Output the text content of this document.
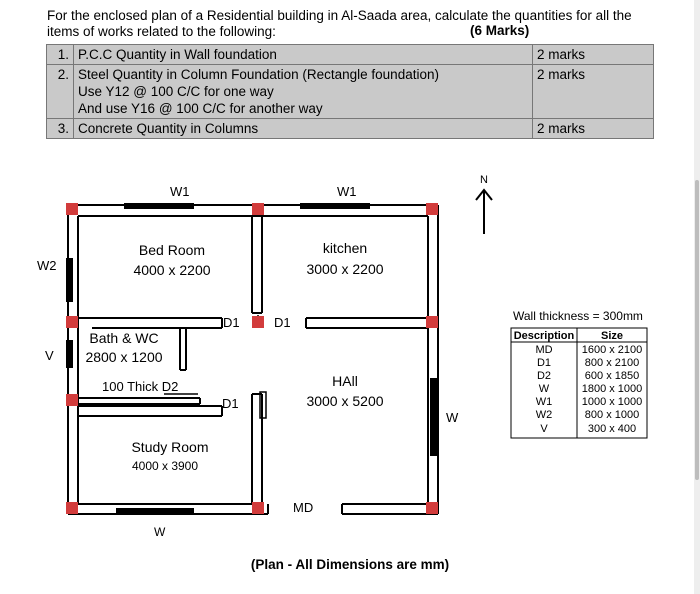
For the enclosed plan of a Residential building in Al-Saada area, calculate the quantities for all the
items of works related to the following:	(6 Marks)
1.	P.C.C Quantity in Wall foundation	2 marks
2.	Steel Quantity in Column Foundation (Rectangle foundation)
Use Y12 @ 100 C/C for one way
And use Y16 @ 100 C/C for another way	2 marks
3.	Concrete Quantity in Columns	2 marks
Bed Room
4000 x 2200
kitchen
3000 x 2200
Bath & WC
2800 x 1200
HAll
3000 x 5200
Study Room
4000 x 3900
W1	W1
W2
V
W
W
D1	D1
D1
MD
100 Thick D2
N
(Plan - All Dimensions are mm)
Wall thickness = 300mm
Description Size
MD	1600 x 2100
D1	800 x 2100
D2	600 x 1850
W	1800 x 1000
W1	1000 x 1000
W2	800 x 1000
V	300 x 400
